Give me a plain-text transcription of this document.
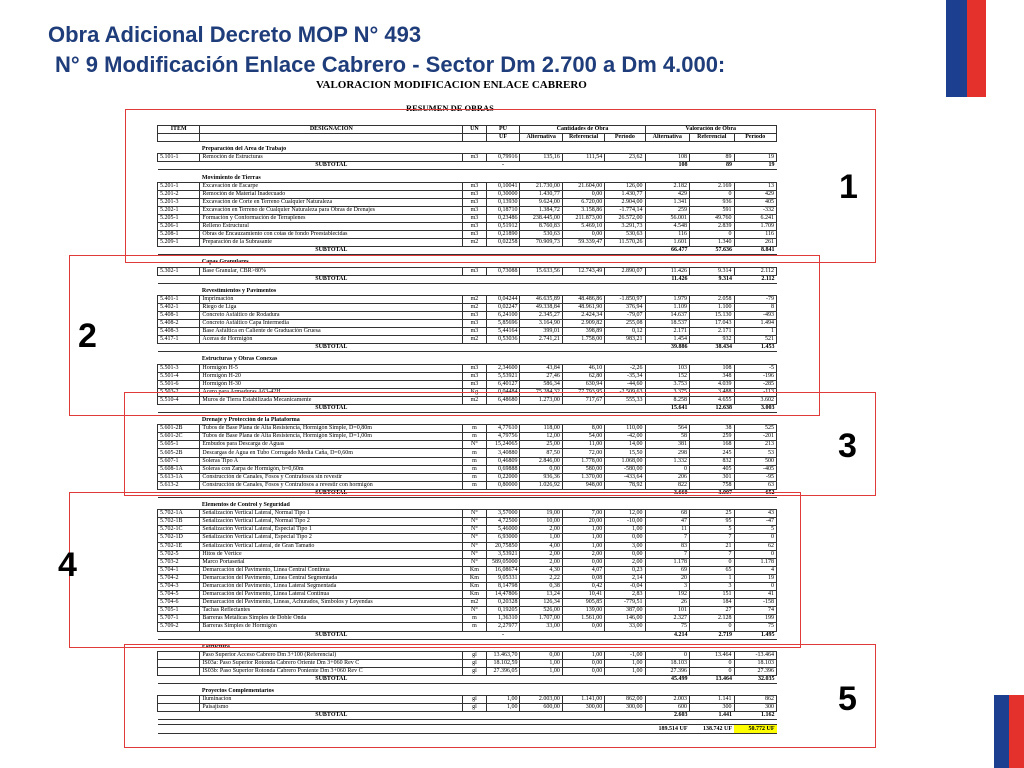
Obra Adicional Decreto MOP N° 493
N° 9 Modificación Enlace Cabrero - Sector Dm 2.700 a Dm 4.000:
VALORACION MODIFICACION ENLACE CABRERO
RESUMEN DE OBRAS
ITEM	DESIGNACION	UN	PU	Cantidades de Obra			Valoración de Obra		
			UF	Alternativa	Referencial	Período	Alternativa	Referencial	Período

	Preparación del Área de Trabajo								
5.101-1	Remoción de Estructuras	m3	0,79916	135,16	111,54	23,62	108	89	19
	SUBTOTAL		-				108	89	19

	Movimiento de Tierras								
5.201-1	Excavación de Escarpe	m3	0,10041	21.730,00	21.604,00	126,00	2.182	2.169	13
5.201-2	Remoción de Material Inadecuado	m3	0,30000	1.430,77	0,00	1.430,77	429	0	429
5.201-3	Excavación de Corte en Terreno Cualquier Naturaleza	m3	0,13930	9.624,00	6.720,00	2.904,00	1.341	936	405
5.202-1	Excavación en Terreno de Cualquier Naturaleza para Obras de Drenajes	m3	0,18710	1.384,72	3.158,86	-1.774,14	259	591	-332
5.205-1	Formación y Conformación de Terraplenes	m3	0,23486	238.445,00	211.873,00	26.572,00	56.001	49.760	6.241
5.206-1	Relleno Estructural	m3	0,51912	8.760,83	5.469,10	3.291,73	4.548	2.839	1.709
5.208-1	Obras de Encauzamiento con cotas de fondo Preestablecidas	m3	0,21890	530,63	0,00	530,63	116	0	116
5.209-1	Preparación de la Subrasante	m2	0,02258	70.909,73	59.339,47	11.570,26	1.601	1.340	261
	SUBTOTAL						66.477	57.636	8.841

	Capas Granulares								
5.302-1	Base Granular, CBR>80%	m3	0,73088	15.633,56	12.743,49	2.890,07	11.426	9.314	2.112
	SUBTOTAL						11.426	9.314	2.112

	Revestimientos y Pavimentos								
5.401-1	Imprimación	m2	0,04244	46.635,89	48.486,86	-1.850,97	1.979	2.058	-79
5.402-1	Riego de Liga	m2	0,02247	49.338,84	48.961,90	376,94	1.109	1.100	8
5.408-1	Concreto Asfáltico de Rodadura	m3	6,24100	2.345,27	2.424,34	-79,07	14.637	15.130	-493
5.408-2	Concreto Asfáltico Capa Intermedia	m3	5,85696	3.164,90	2.909,82	255,08	18.537	17.043	1.494
5.408-3	Base Asfáltica en Caliente de Graduación Gruesa	m3	5,44164	399,01	398,89	0,12	2.171	2.171	1
5.417-1	Aceras de Hormigón	m2	0,53036	2.741,21	1.758,00	983,21	1.454	932	521
	SUBTOTAL						39.886	38.434	1.453

	Estructuras y Obras Conexas								
5.501-3	Hormigón H-5	m3	2,34600	43,84	46,10	-2,26	103	108	-5
5.501-4	Hormigón H-20	m3	5,53921	27,46	62,80	-35,34	152	348	-196
5.501-6	Hormigón H-30	m3	6,40127	586,34	630,94	-44,60	3.753	4.039	-285
5.503-2	Acero para Armaduras A63-42H	Kg	0,04484	75.284,32	77.793,95	-2.509,63	3.375	3.488	-113
5.510-4	Muros de Tierra Estabilizada Mecanicamente	m2	6,48680	1.273,00	717,67	555,33	8.258	4.655	3.602
	SUBTOTAL						15.641	12.638	3.003

	Drenaje y Protección de la Plataforma								
5.601-2B	Tubos de Base Plana de Alta Resistencia, Hormigón Simple, D=0,80m	m	4,77610	118,00	8,00	110,00	564	38	525
5.601-2C	Tubos de Base Plana de Alta Resistencia, Hormigón Simple, D=1,00m	m	4,79756	12,00	54,00	-42,00	58	259	-201
5.605-1	Embudos para Descarga de Aguas	N°	15,24065	25,00	11,00	14,00	381	168	213
5.605-2B	Descargas de Agua en Tubo Corrugado Media Caña, D=0,60m	m	3,40880	87,50	72,00	15,50	298	245	53
5.607-1	Soleras Tipo A	m	0,46809	2.846,00	1.778,00	1.068,00	1.332	832	500
5.608-1A	Soleras con Zarpa de Hormigón, b=0,60m	m	0,69888	0,00	580,00	-580,00	0	405	-405
5.613-1A	Construcción de Canales, Fosos y Contrafosos sin revestir	m	0,22000	936,36	1.370,00	-433,64	206	301	-95
5.613-2	Construcción de Canales, Fosos y Contrafosos a revestir con hormigón	m	0,80000	1.026,92	948,00	78,92	822	758	63
	SUBTOTAL		-				3.660	3.007	652

	Elementos de Control y Seguridad								
5.702-1A	Señalización Vertical Lateral, Normal Tipo 1	N°	3,57000	19,00	7,00	12,00	68	25	43
5.702-1B	Señalización Vertical Lateral, Normal Tipo 2	N°	4,72500	10,00	20,00	-10,00	47	95	-47
5.702-1C	Señalización Vertical Lateral, Especial Tipo 1	N°	5,46000	2,00	1,00	1,00	11	5	5
5.702-1D	Señalización Vertical Lateral, Especial Tipo 2	N°	6,93000	1,00	1,00	0,00	7	7	0
5.702-1E	Señalización Vertical Lateral, de Gran Tamaño	N°	20,75850	4,00	1,00	3,00	83	21	62
5.702-5	Hitos de Vértice	N°	3,53921	2,00	2,00	0,00	7	7	0
5.703-2	Marco Portaseñal	N°	589,05000	2,00	0,00	2,00	1.178	0	1.178
5.704-1	Demarcación del Pavimento, Línea Central Continua	Km	16,08674	4,30	4,07	0,23	69	65	4
5.704-2	Demarcación del Pavimento, Línea Central Segmentada	Km	9,05331	2,22	0,08	2,14	20	1	19
5.704-3	Demarcación del Pavimento, Línea Lateral Segmentada	Km	8,14798	0,38	0,42	-0,04	3	3	0
5.704-5	Demarcación del Pavimento, Línea Lateral Continua	Km	14,47806	13,24	10,41	2,83	192	151	41
5.704-6	Demarcación del Pavimento, Líneas, Achurados, Símbolos y Leyendas	m2	0,20328	126,34	905,85	-779,51	26	184	-158
5.705-1	Tachas Reflectantes	N°	0,19205	526,00	139,00	387,00	101	27	74
5.707-1	Barreras Metálicas Simples de Doble Onda	m	1,36310	1.707,00	1.561,00	146,00	2.327	2.128	199
5.709-2	Barreras Simples de Hormigón	m	2,27977	33,00	0,00	33,00	75	0	75
	SUBTOTAL		-				4.214	2.719	1.495

	Estructura								
	Paso Superior Acceso Cabrero Dm 3+100 (Referencial)	gl	13.463,70	0,00	1,00	-1,00	0	13.464	-13.464
	IS03a: Paso Superior Rotonda Cabrero Oriente Dm 3+060 Rev C	gl	18.102,59	1,00	0,00	1,00	18.103	0	18.103
	IS03b: Paso Superior Rotonda Cabrero Poniente Dm 3+060 Rev C	gl	27.396,05	1,00	0,00	1,00	27.396	0	27.396
	SUBTOTAL						45.499	13.464	32.035

	Proyectos Complementarios								
	Iluminacion	gl	1,00	2.003,00	1.141,00	862,00	2.003	1.141	862
	Paisajismo	gl	1,00	600,00	300,00	300,00	600	300	300
	SUBTOTAL						2.603	1.441	1.162

							189.514 UF	138.742 UF	50.772 UF
1
2
3
4
5
